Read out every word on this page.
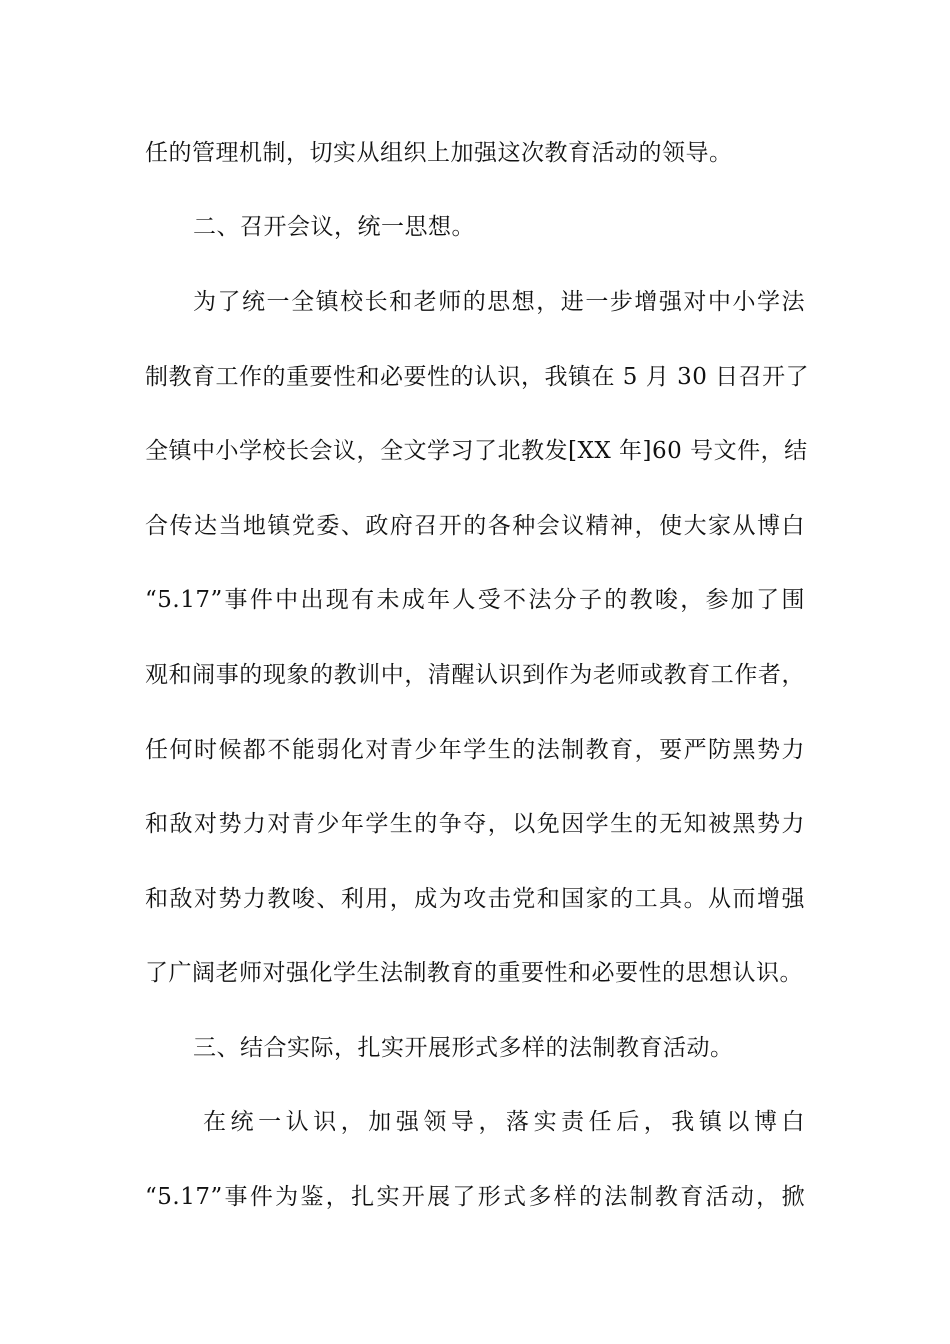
任的管理机制，切实从组织上加强这次教育活动的领导。
二、召开会议，统一思想。
为了统一全镇校长和老师的思想，进一步增强对中小学法
制教育工作的重要性和必要性的认识，我镇在 5 月 30 日召开了
全镇中小学校长会议，全文学习了北教发[XX 年]60 号文件，结
合传达当地镇党委、政府召开的各种会议精神，使大家从博白
“5.17”事件中出现有未成年人受不法分子的教唆，参加了围
观和闹事的现象的教训中，清醒认识到作为老师或教育工作者，
任何时候都不能弱化对青少年学生的法制教育，要严防黑势力
和敌对势力对青少年学生的争夺，以免因学生的无知被黑势力
和敌对势力教唆、利用，成为攻击党和国家的工具。从而增强
了广阔老师对强化学生法制教育的重要性和必要性的思想认识。
三、结合实际，扎实开展形式多样的法制教育活动。
在统一认识，加强领导，落实责任后，我镇以博白
“5.17”事件为鉴，扎实开展了形式多样的法制教育活动，掀
